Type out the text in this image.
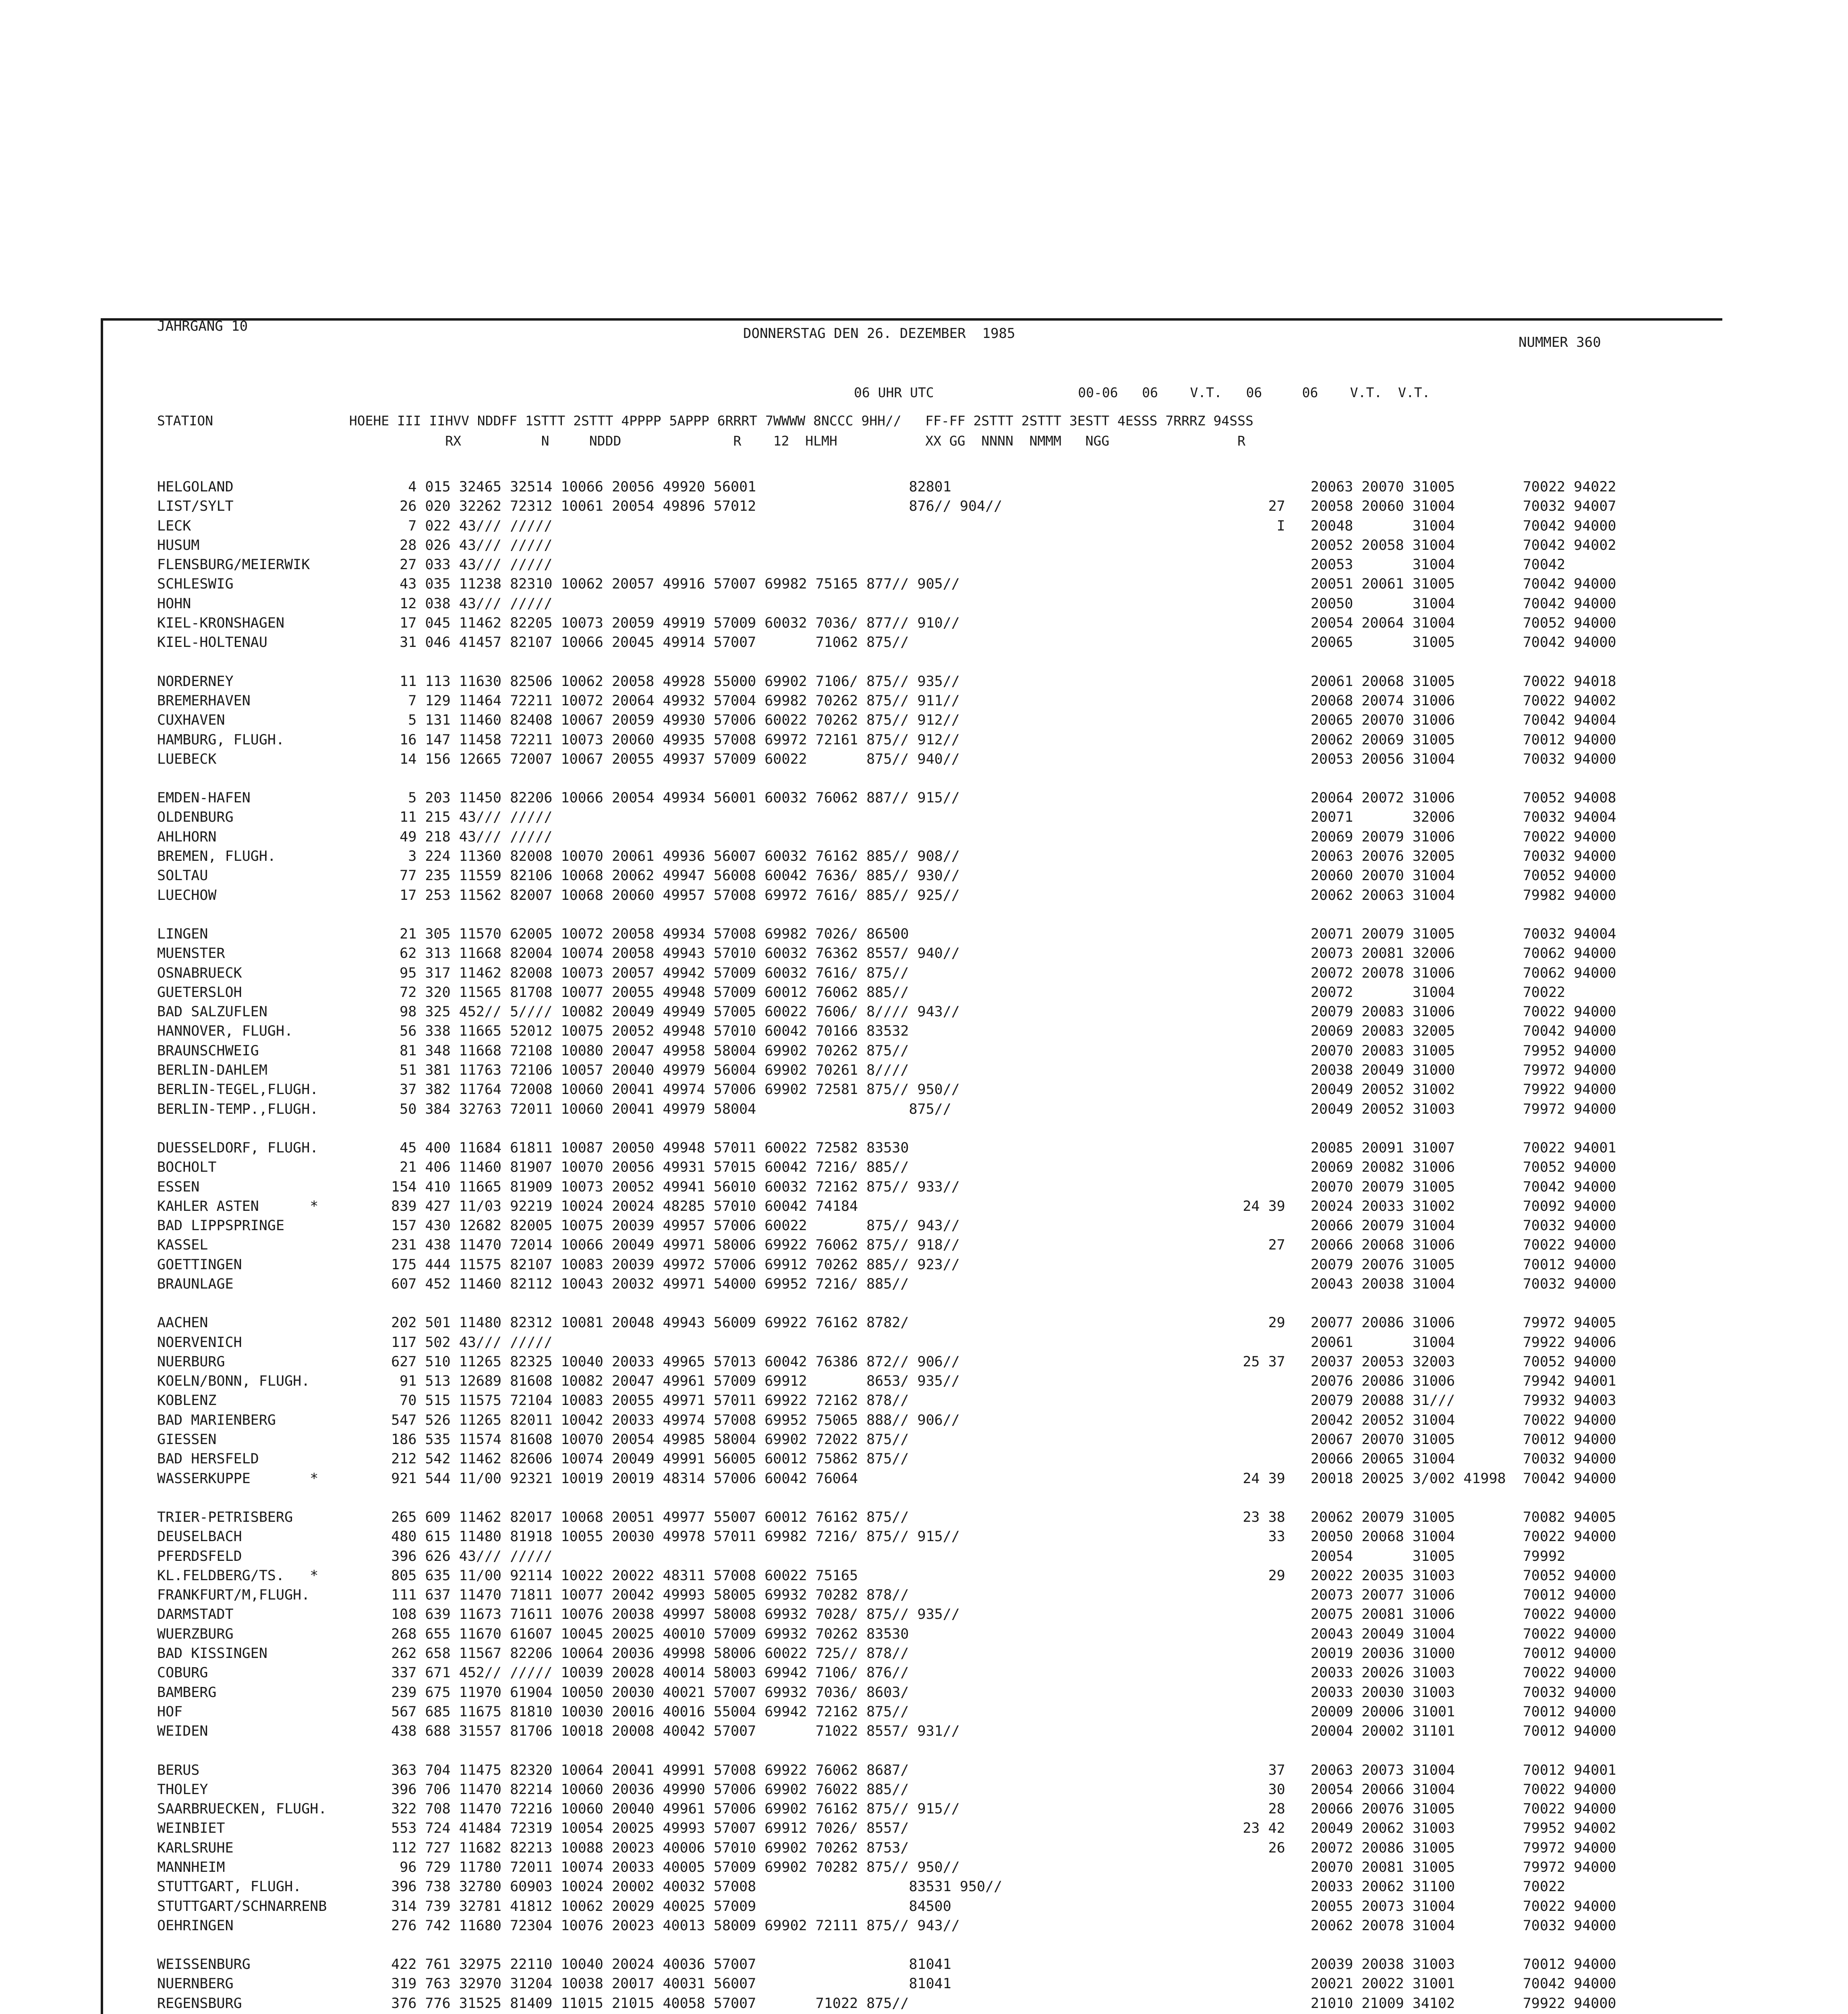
JAHRGANG 10	DONNERSTAG DEN 26. DEZEMBER  1985
NUMMER 360
06 UHR UTC                  00-06   06    V.T.   06     06    V.T.  V.T.
STATION                 HOEHE III IIHVV NDDFF 1STTT 2STTT 4PPPP 5APPP 6RRRT 7WWWW 8NCCC 9HH//   FF-FF 2STTT 2STTT 3ESTT 4ESSS 7RRRZ 94SSS
RX          N     NDDD              R    12  HLMH           XX GG  NNNN  NMMM   NGG                R
HELGOLAND
LIST/SYLT
LECK
HUSUM
FLENSBURG/MEIERWIK
SCHLESWIG
HOHN
KIEL-KRONSHAGEN
KIEL-HOLTENAU
NORDERNEY
BREMERHAVEN
CUXHAVEN
HAMBURG, FLUGH.
LUEBECK
EMDEN-HAFEN
OLDENBURG
AHLHORN
BREMEN, FLUGH.
SOLTAU
LUECHOW
LINGEN
MUENSTER
OSNABRUECK
GUETERSLOH
BAD SALZUFLEN
HANNOVER, FLUGH.
BRAUNSCHWEIG
BERLIN-DAHLEM
BERLIN-TEGEL,FLUGH.
BERLIN-TEMP.,FLUGH.
DUESSELDORF, FLUGH.
BOCHOLT
ESSEN
KAHLER ASTEN      *
BAD LIPPSPRINGE
KASSEL
GOETTINGEN
BRAUNLAGE
AACHEN
NOERVENICH
NUERBURG
KOELN/BONN, FLUGH.
KOBLENZ
BAD MARIENBERG
GIESSEN
BAD HERSFELD
WASSERKUPPE       *
TRIER-PETRISBERG
DEUSELBACH
PFERDSFELD
KL.FELDBERG/TS.   *
FRANKFURT/M,FLUGH.
DARMSTADT
WUERZBURG
BAD KISSINGEN
COBURG
BAMBERG
HOF
WEIDEN
BERUS
THOLEY
SAARBRUECKEN, FLUGH.
WEINBIET
KARLSRUHE
MANNHEIM
STUTTGART, FLUGH.
STUTTGART/SCHNARRENB
OEHRINGEN
WEISSENBURG
NUERNBERG
REGENSBURG
4 015 32465 32514 10066 20056 49920 56001                  82801
26 020 32262 72312 10061 20054 49896 57012                  876// 904//
7 022 43/// /////
28 026 43/// /////
27 033 43/// /////
43 035 11238 82310 10062 20057 49916 57007 69982 75165 877// 905//
12 038 43/// /////
17 045 11462 82205 10073 20059 49919 57009 60032 7036/ 877// 910//
31 046 41457 82107 10066 20045 49914 57007       71062 875//
11 113 11630 82506 10062 20058 49928 55000 69902 7106/ 875// 935//
7 129 11464 72211 10072 20064 49932 57004 69982 70262 875// 911//
5 131 11460 82408 10067 20059 49930 57006 60022 70262 875// 912//
16 147 11458 72211 10073 20060 49935 57008 69972 72161 875// 912//
14 156 12665 72007 10067 20055 49937 57009 60022       875// 940//
5 203 11450 82206 10066 20054 49934 56001 60032 76062 887// 915//
11 215 43/// /////
49 218 43/// /////
3 224 11360 82008 10070 20061 49936 56007 60032 76162 885// 908//
77 235 11559 82106 10068 20062 49947 56008 60042 7636/ 885// 930//
17 253 11562 82007 10068 20060 49957 57008 69972 7616/ 885// 925//
21 305 11570 62005 10072 20058 49934 57008 69982 7026/ 86500
62 313 11668 82004 10074 20058 49943 57010 60032 76362 8557/ 940//
95 317 11462 82008 10073 20057 49942 57009 60032 7616/ 875//
72 320 11565 81708 10077 20055 49948 57009 60012 76062 885//
98 325 452// 5//// 10082 20049 49949 57005 60022 7606/ 8//// 943//
56 338 11665 52012 10075 20052 49948 57010 60042 70166 83532
81 348 11668 72108 10080 20047 49958 58004 69902 70262 875//
51 381 11763 72106 10057 20040 49979 56004 69902 70261 8////
37 382 11764 72008 10060 20041 49974 57006 69902 72581 875// 950//
50 384 32763 72011 10060 20041 49979 58004                  875//
45 400 11684 61811 10087 20050 49948 57011 60022 72582 83530
21 406 11460 81907 10070 20056 49931 57015 60042 7216/ 885//
154 410 11665 81909 10073 20052 49941 56010 60032 72162 875// 933//
839 427 11/03 92219 10024 20024 48285 57010 60042 74184
157 430 12682 82005 10075 20039 49957 57006 60022       875// 943//
231 438 11470 72014 10066 20049 49971 58006 69922 76062 875// 918//
175 444 11575 82107 10083 20039 49972 57006 69912 70262 885// 923//
607 452 11460 82112 10043 20032 49971 54000 69952 7216/ 885//
202 501 11480 82312 10081 20048 49943 56009 69922 76162 8782/
117 502 43/// /////
627 510 11265 82325 10040 20033 49965 57013 60042 76386 872// 906//
91 513 12689 81608 10082 20047 49961 57009 69912       8653/ 935//
70 515 11575 72104 10083 20055 49971 57011 69922 72162 878//
547 526 11265 82011 10042 20033 49974 57008 69952 75065 888// 906//
186 535 11574 81608 10070 20054 49985 58004 69902 72022 875//
212 542 11462 82606 10074 20049 49991 56005 60012 75862 875//
921 544 11/00 92321 10019 20019 48314 57006 60042 76064
265 609 11462 82017 10068 20051 49977 55007 60012 76162 875//
480 615 11480 81918 10055 20030 49978 57011 69982 7216/ 875// 915//
396 626 43/// /////
805 635 11/00 92114 10022 20022 48311 57008 60022 75165
111 637 11470 71811 10077 20042 49993 58005 69932 70282 878//
108 639 11673 71611 10076 20038 49997 58008 69932 7028/ 875// 935//
268 655 11670 61607 10045 20025 40010 57009 69932 70262 83530
262 658 11567 82206 10064 20036 49998 58006 60022 725// 878//
337 671 452// ///// 10039 20028 40014 58003 69942 7106/ 876//
239 675 11970 61904 10050 20030 40021 57007 69932 7036/ 8603/
567 685 11675 81810 10030 20016 40016 55004 69942 72162 875//
438 688 31557 81706 10018 20008 40042 57007       71022 8557/ 931//
363 704 11475 82320 10064 20041 49991 57008 69922 76062 8687/
396 706 11470 82214 10060 20036 49990 57006 69902 76022 885//
322 708 11470 72216 10060 20040 49961 57006 69902 76162 875// 915//
553 724 41484 72319 10054 20025 49993 57007 69912 7026/ 8557/
112 727 11682 82213 10088 20023 40006 57010 69902 70262 8753/
96 729 11780 72011 10074 20033 40005 57009 69902 70282 875// 950//
396 738 32780 60903 10024 20002 40032 57008                  83531 950//
314 739 32781 41812 10062 20029 40025 57009                  84500
276 742 11680 72304 10076 20023 40013 58009 69902 72111 875// 943//
422 761 32975 22110 10040 20024 40036 57007                  81041
319 763 32970 31204 10038 20017 40031 56007                  81041
376 776 31525 81409 11015 21015 40058 57007       71022 875//
20063 20070 31005        70022 94022
27   20058 20060 31004        70032 94007
I   20048       31004        70042 94000
20052 20058 31004        70042 94002
20053       31004        70042
20051 20061 31005        70042 94000
20050       31004        70042 94000
20054 20064 31004        70052 94000
20065       31005        70042 94000
20061 20068 31005        70022 94018
20068 20074 31006        70022 94002
20065 20070 31006        70042 94004
20062 20069 31005        70012 94000
20053 20056 31004        70032 94000
20064 20072 31006        70052 94008
20071       32006        70032 94004
20069 20079 31006        70022 94000
20063 20076 32005        70032 94000
20060 20070 31004        70052 94000
20062 20063 31004        79982 94000
20071 20079 31005        70032 94004
20073 20081 32006        70062 94000
20072 20078 31006        70062 94000
20072       31004        70022
20079 20083 31006        70022 94000
20069 20083 32005        70042 94000
20070 20083 31005        79952 94000
20038 20049 31000        79972 94000
20049 20052 31002        79922 94000
20049 20052 31003        79972 94000
20085 20091 31007        70022 94001
20069 20082 31006        70052 94000
20070 20079 31005        70042 94000
24 39   20024 20033 31002        70092 94000
20066 20079 31004        70032 94000
27   20066 20068 31006        70022 94000
20079 20076 31005        70012 94000
20043 20038 31004        70032 94000
29   20077 20086 31006        79972 94005
20061       31004        79922 94006
25 37   20037 20053 32003        70052 94000
20076 20086 31006        79942 94001
20079 20088 31///        79932 94003
20042 20052 31004        70022 94000
20067 20070 31005        70012 94000
20066 20065 31004        70032 94000
24 39   20018 20025 3/002 41998  70042 94000
23 38   20062 20079 31005        70082 94005
33   20050 20068 31004        70022 94000
20054       31005        79992
29   20022 20035 31003        70052 94000
20073 20077 31006        70012 94000
20075 20081 31006        70022 94000
20043 20049 31004        70022 94000
20019 20036 31000        70012 94000
20033 20026 31003        70022 94000
20033 20030 31003        70032 94000
20009 20006 31001        70012 94000
20004 20002 31101        70012 94000
37   20063 20073 31004        70012 94001
30   20054 20066 31004        70022 94000
28   20066 20076 31005        70022 94000
23 42   20049 20062 31003        79952 94002
26   20072 20086 31005        79972 94000
20070 20081 31005        79972 94000
20033 20062 31100        70022
20055 20073 31004        70022 94000
20062 20078 31004        70032 94000
20039 20038 31003        70012 94000
20021 20022 31001        70042 94000
21010 21009 34102        79922 94000
